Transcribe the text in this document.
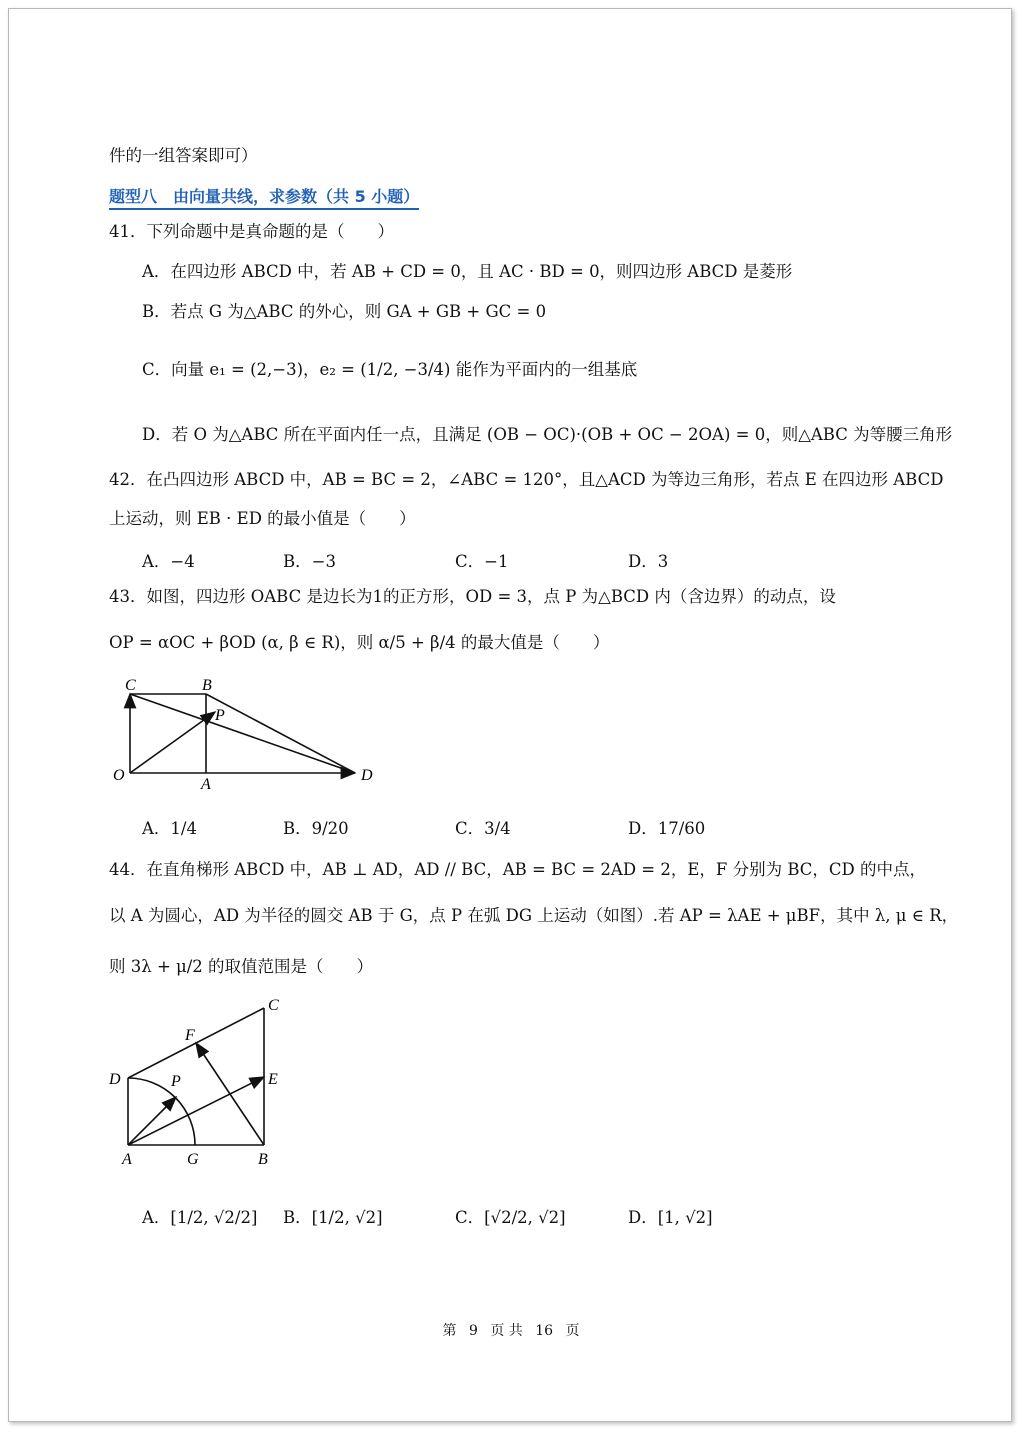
件的一组答案即可）
题型八　由向量共线，求参数（共 5 小题）
41．下列命题中是真命题的是（　　）
A．在四边形 ABCD 中，若 AB + CD = 0，且 AC · BD = 0，则四边形 ABCD 是菱形
B．若点 G 为△ABC 的外心，则 GA + GB + GC = 0
C．向量 e₁ = (2,−3)，e₂ = (1/2, −3/4) 能作为平面内的一组基底
D．若 O 为△ABC 所在平面内任一点，且满足 (OB − OC)·(OB + OC − 2OA) = 0，则△ABC 为等腰三角形
42．在凸四边形 ABCD 中，AB = BC = 2，∠ABC = 120°，且△ACD 为等边三角形，若点 E 在四边形 ABCD
上运动，则 EB · ED 的最小值是（　　）
A．−4	B．−3	C．−1	D．3
43．如图，四边形 OABC 是边长为1的正方形，OD = 3，点 P 为△BCD 内（含边界）的动点，设
OP = αOC + βOD (α, β ∈ R)，则 α/5 + β/4 的最大值是（　　）
C	B
P
O
A
D
A．1/4	B．9/20	C．3/4	D．17/60
44．在直角梯形 ABCD 中，AB ⊥ AD，AD // BC，AB = BC = 2AD = 2，E，F 分别为 BC，CD 的中点，
以 A 为圆心，AD 为半径的圆交 AB 于 G，点 P 在弧 DG 上运动（如图）.若 AP = λAE + μBF，其中 λ, μ ∈ R，
则 3λ + μ/2 的取值范围是（　　）
C
F
D	P	E
A	G	B
A．[1/2, √2/2] B．[1/2, √2]	C．[√2/2, √2]	D．[1, √2]
第 9 页 共 16 页
